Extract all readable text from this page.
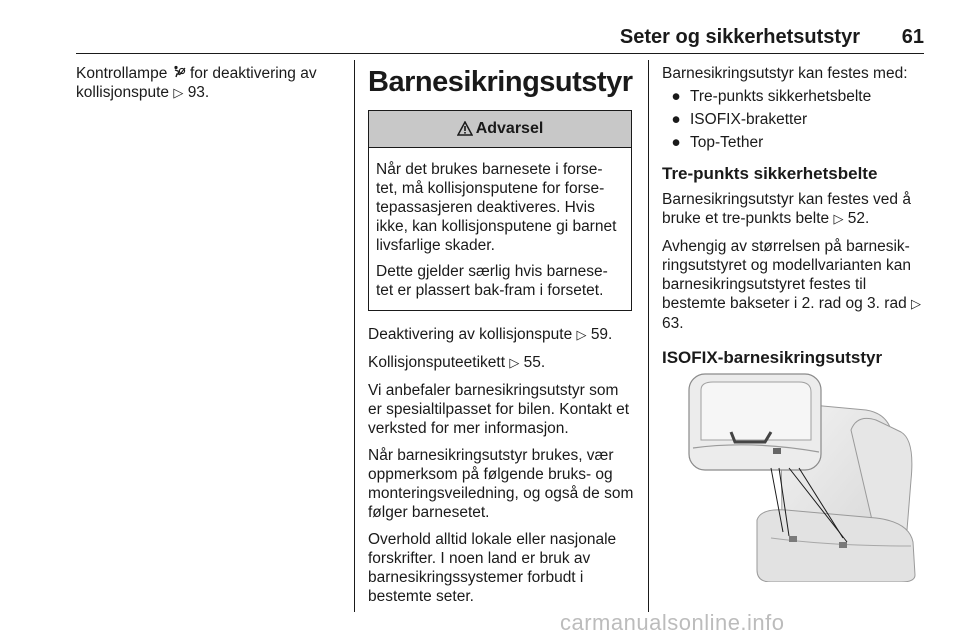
Seter og sikkerhetsutstyr 61

Kontrollampe for deaktivering av kollisjonspute ▷ 93.	Barnesikringsutstyr
Advarsel

Når det brukes barnesete i forse-tet, må kollisjonsputene for forse-tepassasjeren deaktiveres. Hvis ikke, kan kollisjonsputene gi barnet livsfarlige skader.

Dette gjelder særlig hvis barnese-tet er plassert bak-fram i forsetet.

Deaktivering av kollisjonspute ▷ 59.

Kollisjonsputeetikett ▷ 55.

Vi anbefaler barnesikringsutstyr som er spesialtilpasset for bilen. Kontakt et verksted for mer informasjon.

Når barnesikringsutstyr brukes, vær oppmerksom på følgende bruks- og monteringsveiledning, og også de som følger barnesetet.

Overhold alltid lokale eller nasjonale forskrifter. I noen land er bruk av barnesikringssystemer forbudt i bestemte seter.

Barnesikringsutstyr kan festes med:

● Tre-punkts sikkerhetsbelte
● ISOFIX-braketter
● Top-Tether
Tre-punkts sikkerhetsbelte

Barnesikringsutstyr kan festes ved å bruke et tre-punkts belte ▷ 52.

Avhengig av størrelsen på barnesik-ringsutstyret og modellvarianten kan barnesikringsutstyret festes til bestemte bakseter i 2. rad og 3. rad ▷ 63.

ISOFIX-barnesikringsutstyr
carmanualsonline.info
